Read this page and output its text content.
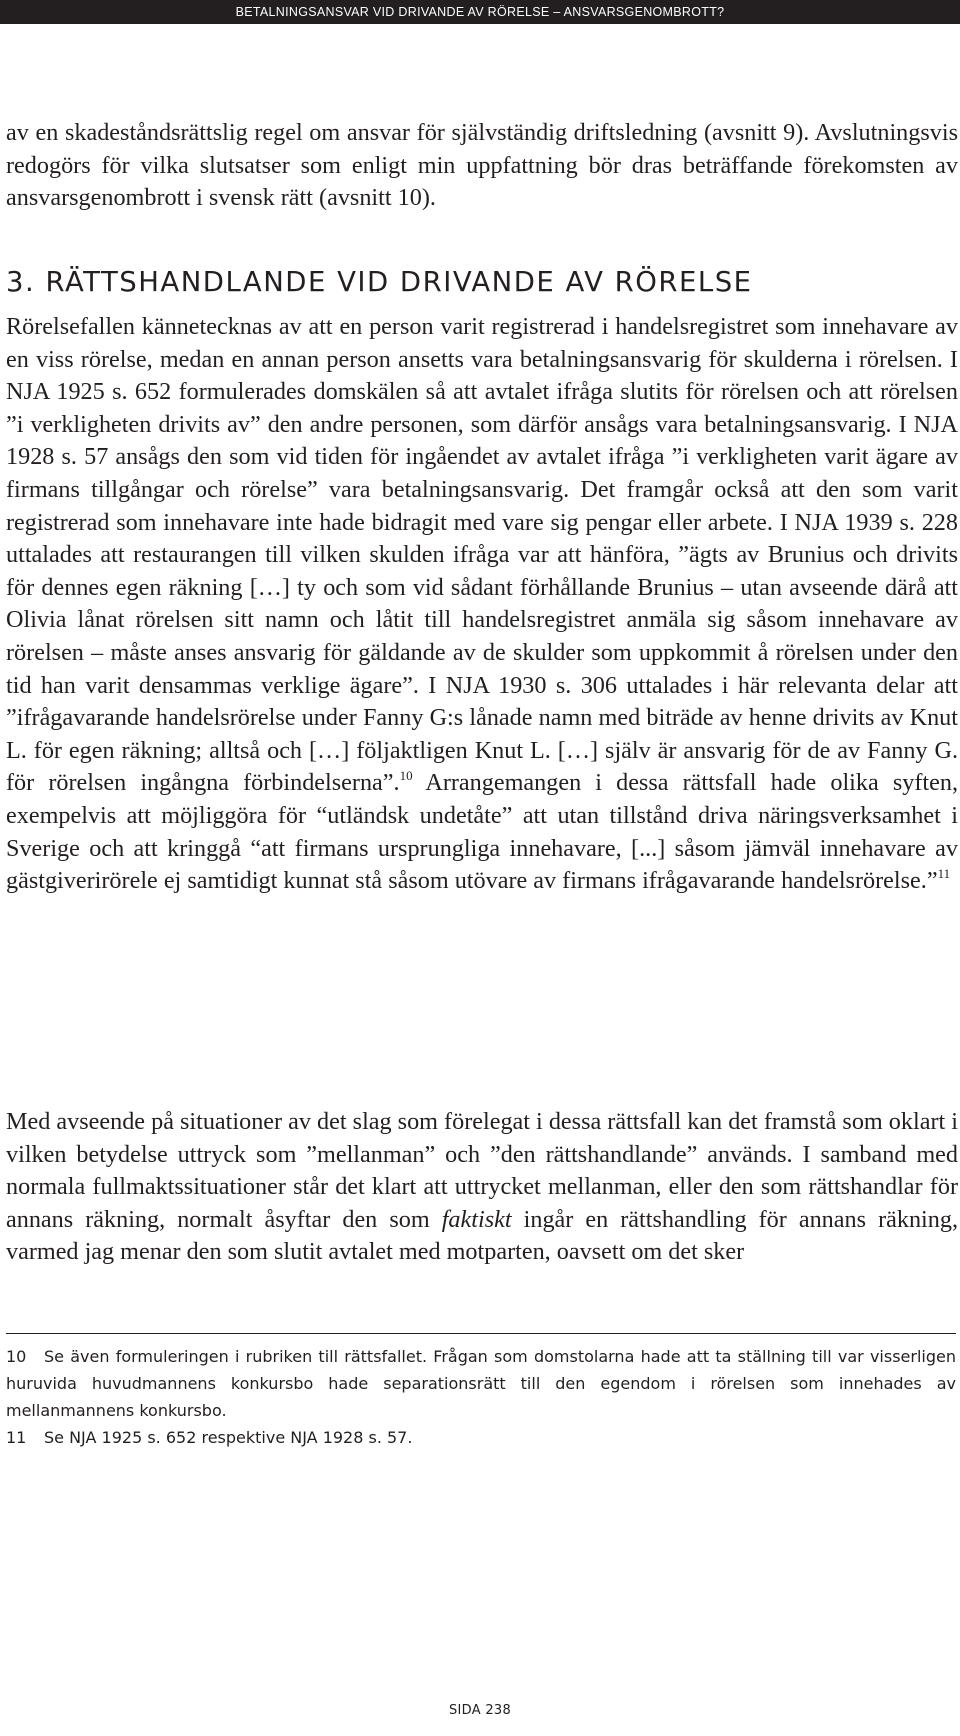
BETALNINGSANSVAR VID DRIVANDE AV RÖRELSE – ANSVARSGENOMBROTT?

av en skadeståndsrättslig regel om ansvar för självständig driftsledning (avsnitt 9). Avslutningsvis redogörs för vilka slutsatser som enligt min uppfattning bör dras beträffande förekomsten av ansvarsgenombrott i svensk rätt (avsnitt 10).

3. RÄTTSHANDLANDE VID DRIVANDE AV RÖRELSE

Rörelsefallen kännetecknas av att en person varit registrerad i handelsregistret som innehavare av en viss rörelse, medan en annan person ansetts vara betalningsansvarig för skulderna i rörelsen. I NJA 1925 s. 652 formulerades domskälen så att avtalet ifråga slutits för rörelsen och att rörelsen ”i verkligheten drivits av” den andre personen, som därför ansågs vara betalningsansvarig. I NJA 1928 s. 57 ansågs den som vid tiden för ingåendet av avtalet ifråga ”i verkligheten varit ägare av firmans tillgångar och rörelse” vara betalningsansvarig. Det framgår också att den som varit registrerad som innehavare inte hade bidragit med vare sig pengar eller arbete. I NJA 1939 s. 228 uttalades att restaurangen till vilken skulden ifråga var att hänföra, ”ägts av Brunius och drivits för dennes egen räkning […] ty och som vid sådant förhållande Brunius – utan avseende därå att Olivia lånat rörelsen sitt namn och låtit till handelsregistret anmäla sig såsom innehavare av rörelsen – måste anses ansvarig för gäldande av de skulder som uppkommit å rörelsen under den tid han varit densammas verklige ägare”. I NJA 1930 s. 306 uttalades i här relevanta delar att ”ifrågavarande handelsrörelse under Fanny G:s lånade namn med biträde av henne drivits av Knut L. för egen räkning; alltså och […] följaktligen Knut L. […] själv är ansvarig för de av Fanny G. för rörelsen ingångna förbindelserna”.$^{10}$ Arrangemangen i dessa rättsfall hade olika syften, exempelvis att möjliggöra för “utländsk undetåte” att utan tillstånd driva näringsverksamhet i Sverige och att kringgå “att firmans ursprungliga innehavare, [...] såsom jämväl innehavare av gästgiverirörele ej samtidigt kunnat stå såsom utövare av firmans ifrågavarande handelsrörelse.”$^{11}$

Med avseende på situationer av det slag som förelegat i dessa rättsfall kan det framstå som oklart i vilken betydelse uttryck som ”mellanman” och ”den rättshandlande” används. I samband med normala fullmaktssituationer står det klart att uttrycket mellanman, eller den som rättshandlar för annans räkning, normalt åsyftar den som faktiskt ingår en rättshandling för annans räkning, varmed jag menar den som slutit avtalet med motparten, oavsett om det sker

10 Se även formuleringen i rubriken till rättsfallet. Frågan som domstolarna hade att ta ställning till var visserligen huruvida huvudmannens konkursbo hade separationsrätt till den egendom i rörelsen som innehades av mellanmannens konkursbo.

11 Se NJA 1925 s. 652 respektive NJA 1928 s. 57.

SIDA 238
